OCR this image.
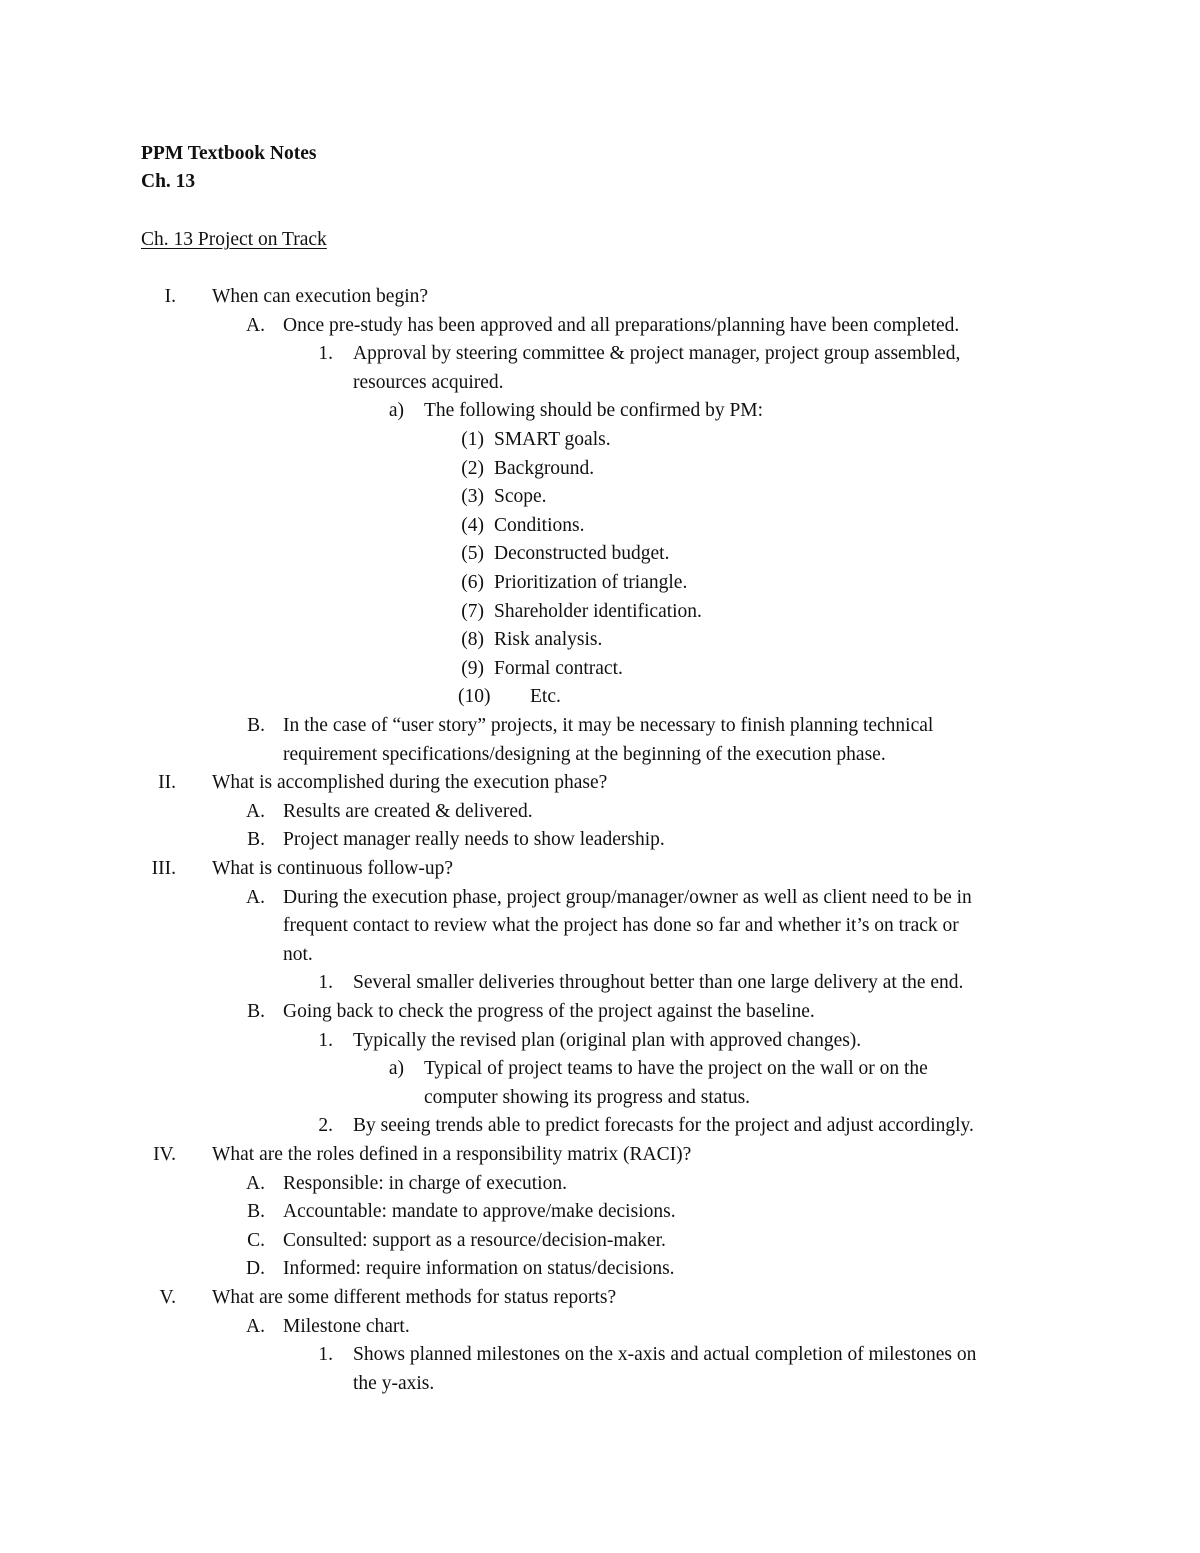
PPM Textbook Notes
Ch. 13
Ch. 13 Project on Track
I. When can execution begin?
A. Once pre-study has been approved and all preparations/planning have been completed.
1. Approval by steering committee & project manager, project group assembled,
resources acquired.
a) The following should be confirmed by PM:
(1) SMART goals.
(2) Background.
(3) Scope.
(4) Conditions.
(5) Deconstructed budget.
(6) Prioritization of triangle.
(7) Shareholder identification.
(8) Risk analysis.
(9) Formal contract.
(10) Etc.
B. In the case of “user story” projects, it may be necessary to finish planning technical
requirement specifications/designing at the beginning of the execution phase.
II. What is accomplished during the execution phase?
A. Results are created & delivered.
B. Project manager really needs to show leadership.
III. What is continuous follow-up?
A. During the execution phase, project group/manager/owner as well as client need to be in
frequent contact to review what the project has done so far and whether it’s on track or
not.
1. Several smaller deliveries throughout better than one large delivery at the end.
B. Going back to check the progress of the project against the baseline.
1. Typically the revised plan (original plan with approved changes).
a) Typical of project teams to have the project on the wall or on the
computer showing its progress and status.
2. By seeing trends able to predict forecasts for the project and adjust accordingly.
IV. What are the roles defined in a responsibility matrix (RACI)?
A. Responsible: in charge of execution.
B. Accountable: mandate to approve/make decisions.
C. Consulted: support as a resource/decision-maker.
D. Informed: require information on status/decisions.
V. What are some different methods for status reports?
A. Milestone chart.
1. Shows planned milestones on the x-axis and actual completion of milestones on
the y-axis.
